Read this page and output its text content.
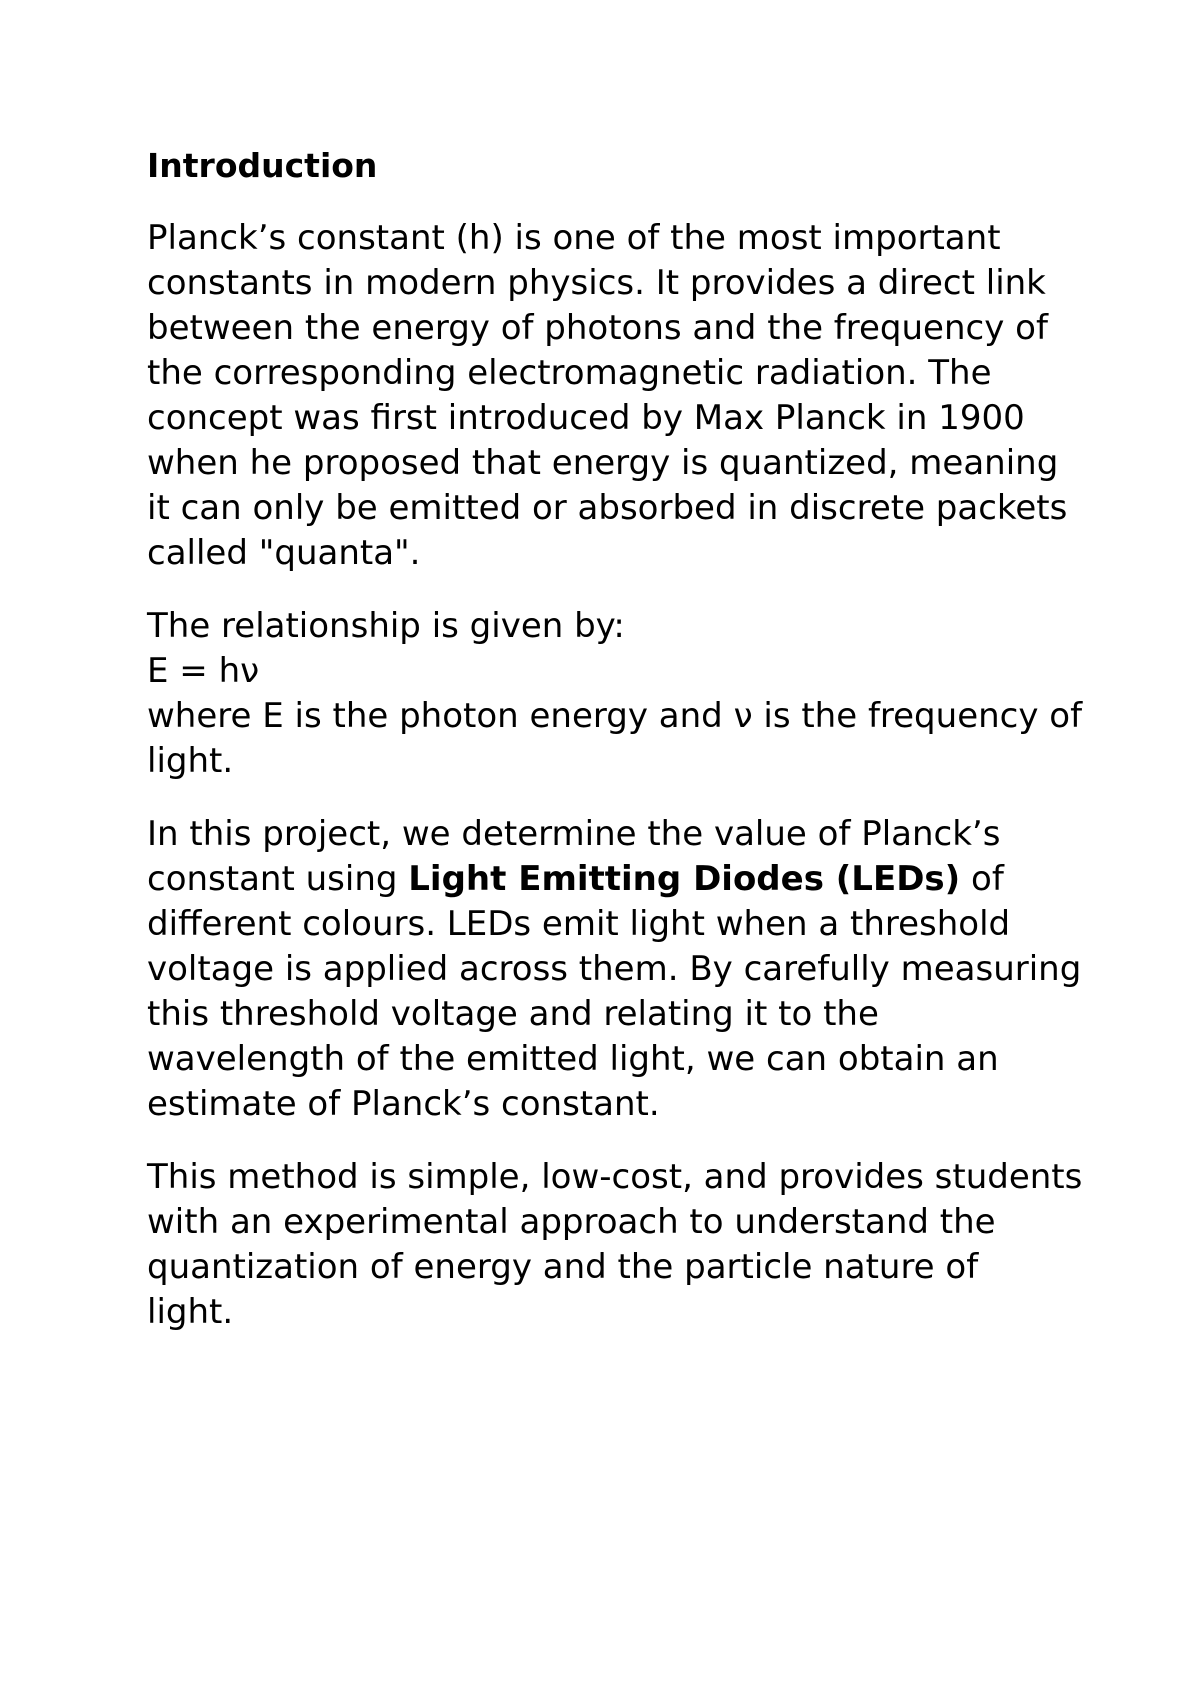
Introduction
Planck’s constant (h) is one of the most important
constants in modern physics. It provides a direct link
between the energy of photons and the frequency of
the corresponding electromagnetic radiation. The
concept was first introduced by Max Planck in 1900
when he proposed that energy is quantized, meaning
it can only be emitted or absorbed in discrete packets
called "quanta".
The relationship is given by:
E = hν
where E is the photon energy and ν is the frequency of
light.
In this project, we determine the value of Planck’s
constant using Light Emitting Diodes (LEDs) of
different colours. LEDs emit light when a threshold
voltage is applied across them. By carefully measuring
this threshold voltage and relating it to the
wavelength of the emitted light, we can obtain an
estimate of Planck’s constant.
This method is simple, low-cost, and provides students
with an experimental approach to understand the
quantization of energy and the particle nature of
light.
